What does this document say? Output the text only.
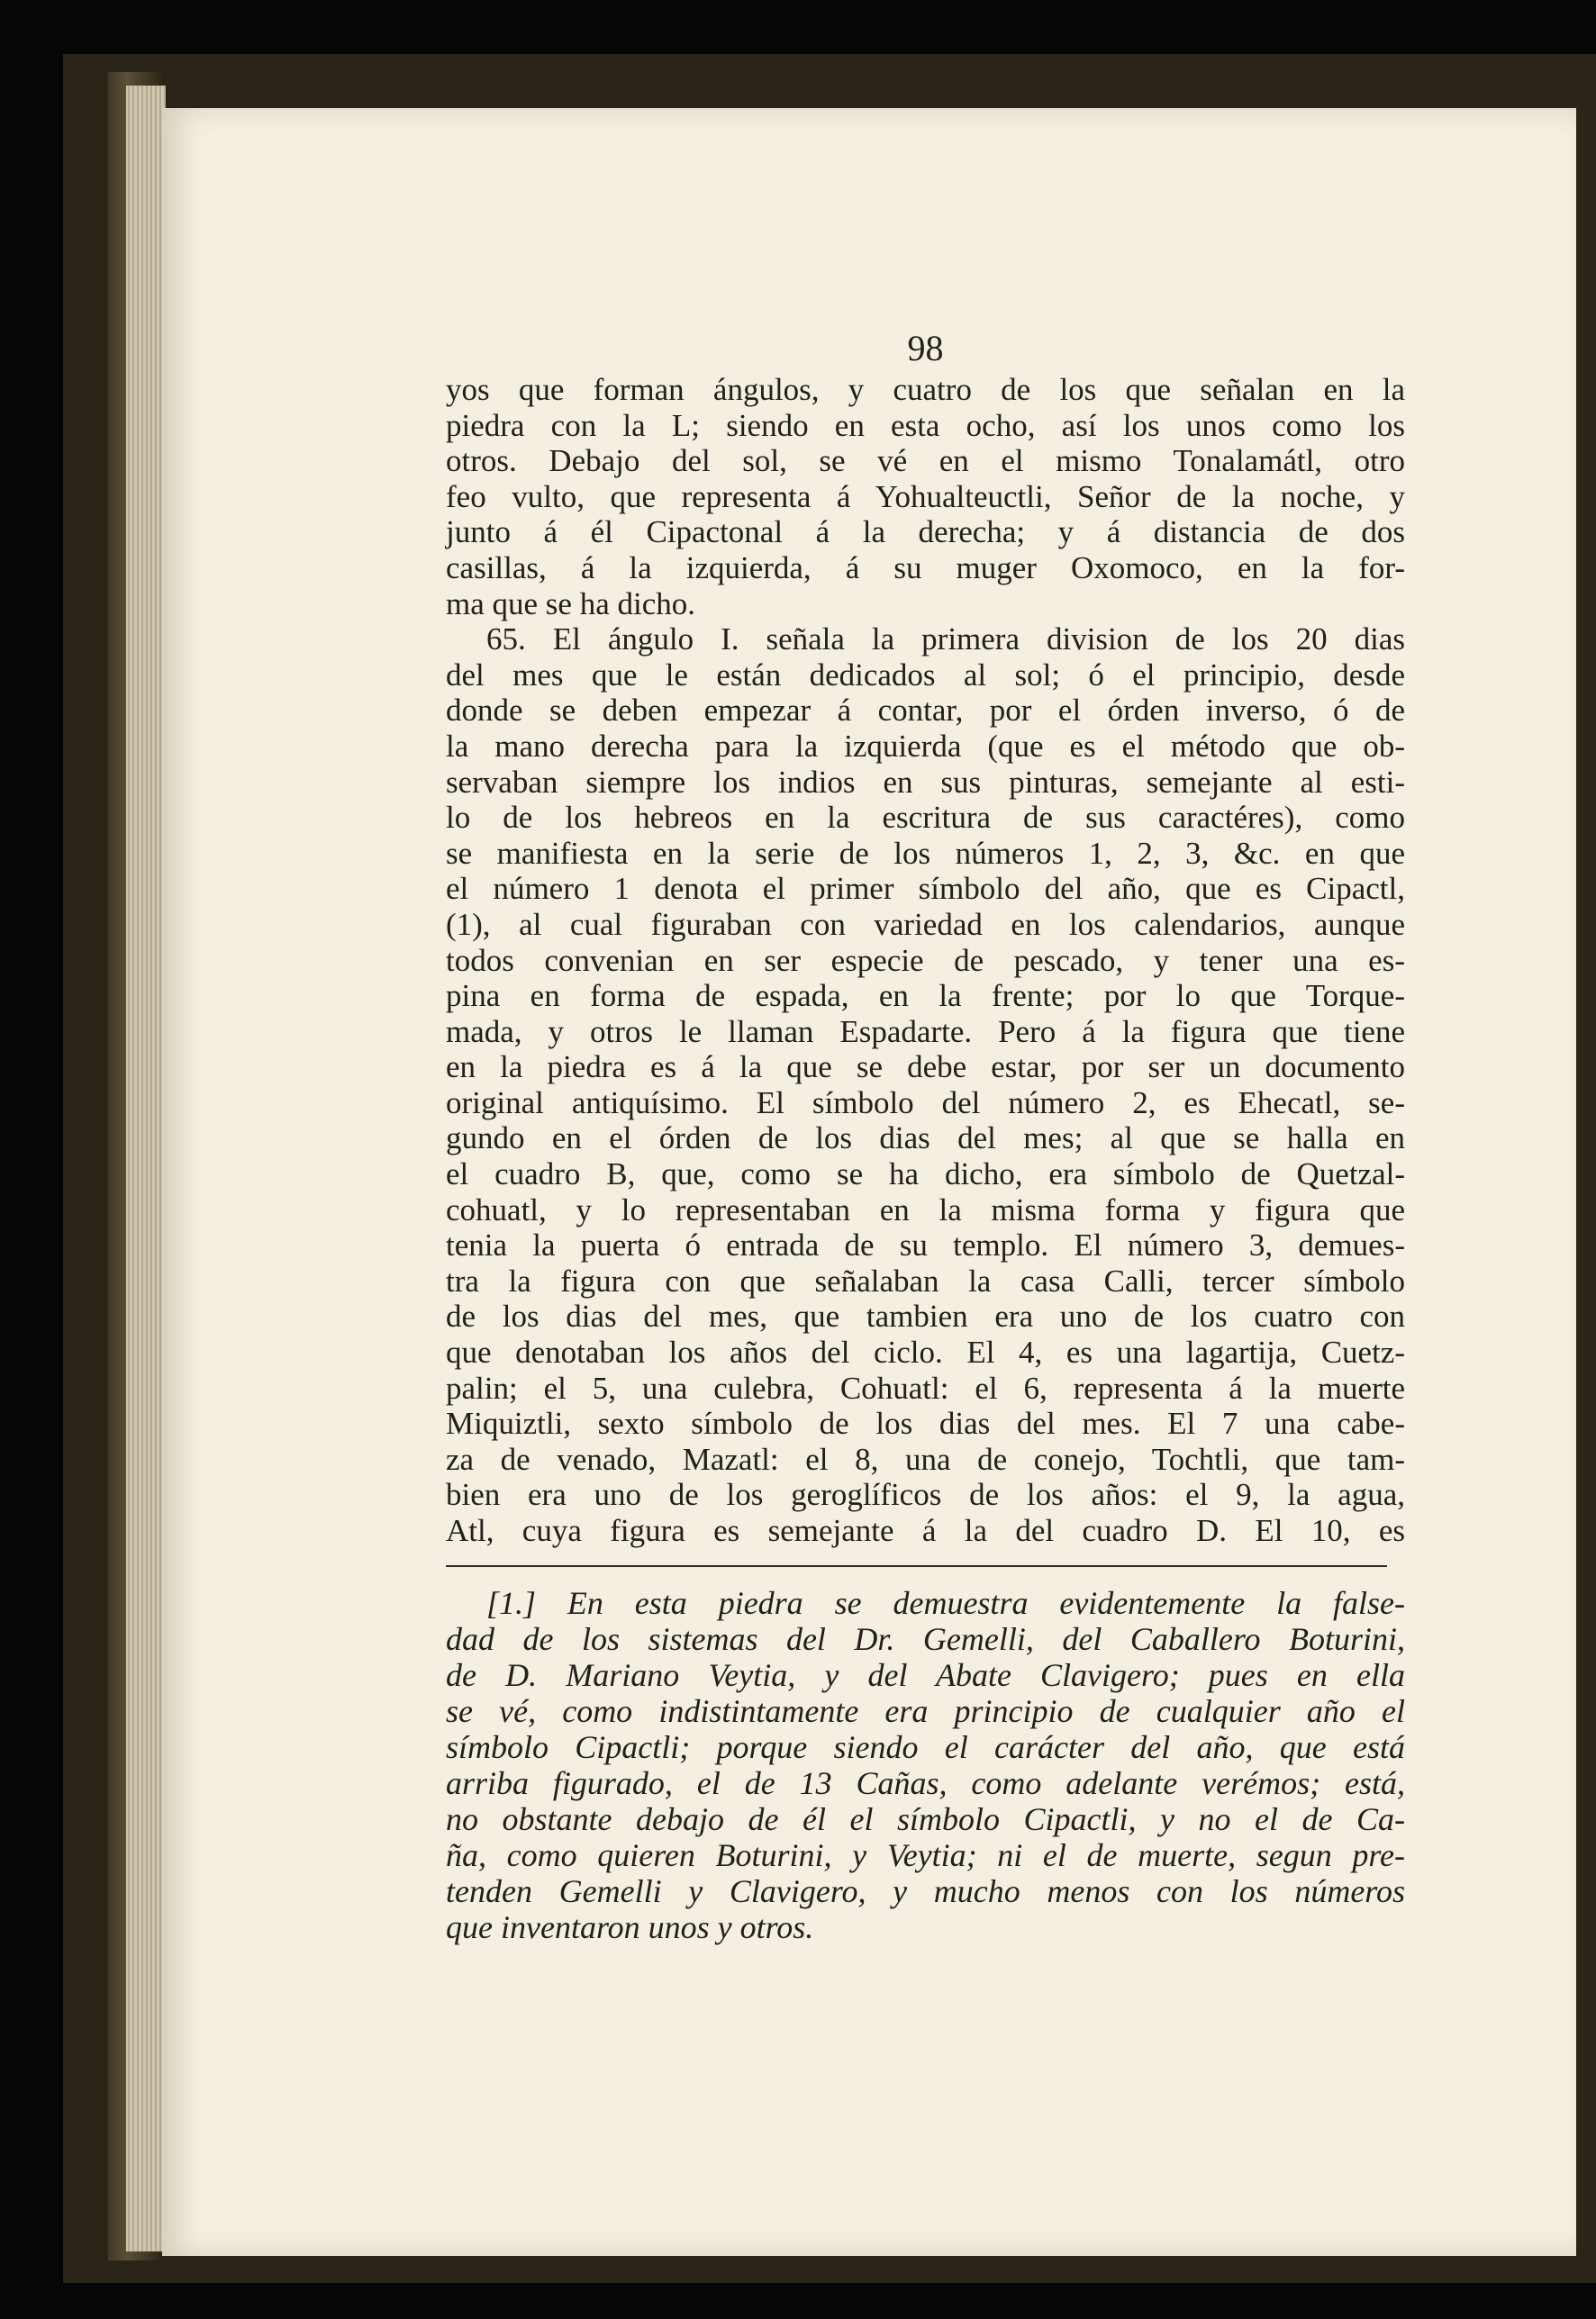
98
yos que forman ángulos, y cuatro de los que señalan en la
piedra con la L; siendo en esta ocho, así los unos como los
otros. Debajo del sol, se vé en el mismo Tonalamátl, otro
feo vulto, que representa á Yohualteuctli, Señor de la noche, y
junto á él Cipactonal á la derecha; y á distancia de dos
casillas, á la izquierda, á su muger Oxomoco, en la for-
ma que se ha dicho.
65. El ángulo I. señala la primera division de los 20 dias
del mes que le están dedicados al sol; ó el principio, desde
donde se deben empezar á contar, por el órden inverso, ó de
la mano derecha para la izquierda (que es el método que ob-
servaban siempre los indios en sus pinturas, semejante al esti-
lo de los hebreos en la escritura de sus caractéres), como
se manifiesta en la serie de los números 1, 2, 3, &c. en que
el número 1 denota el primer símbolo del año, que es Cipactl,
(1), al cual figuraban con variedad en los calendarios, aunque
todos convenian en ser especie de pescado, y tener una es-
pina en forma de espada, en la frente; por lo que Torque-
mada, y otros le llaman Espadarte. Pero á la figura que tiene
en la piedra es á la que se debe estar, por ser un documento
original antiquísimo. El símbolo del número 2, es Ehecatl, se-
gundo en el órden de los dias del mes; al que se halla en
el cuadro B, que, como se ha dicho, era símbolo de Quetzal-
cohuatl, y lo representaban en la misma forma y figura que
tenia la puerta ó entrada de su templo. El número 3, demues-
tra la figura con que señalaban la casa Calli, tercer símbolo
de los dias del mes, que tambien era uno de los cuatro con
que denotaban los años del ciclo. El 4, es una lagartija, Cuetz-
palin; el 5, una culebra, Cohuatl: el 6, representa á la muerte
Miquiztli, sexto símbolo de los dias del mes. El 7 una cabe-
za de venado, Mazatl: el 8, una de conejo, Tochtli, que tam-
bien era uno de los geroglíficos de los años: el 9, la agua,
Atl, cuya figura es semejante á la del cuadro D. El 10, es
[1.] En esta piedra se demuestra evidentemente la false-
dad de los sistemas del Dr. Gemelli, del Caballero Boturini,
de D. Mariano Veytia, y del Abate Clavigero; pues en ella
se vé, como indistintamente era principio de cualquier año el
símbolo Cipactli; porque siendo el carácter del año, que está
arriba figurado, el de 13 Cañas, como adelante verémos; está,
no obstante debajo de él el símbolo Cipactli, y no el de Ca-
ña, como quieren Boturini, y Veytia; ni el de muerte, segun pre-
tenden Gemelli y Clavigero, y mucho menos con los números
que inventaron unos y otros.
